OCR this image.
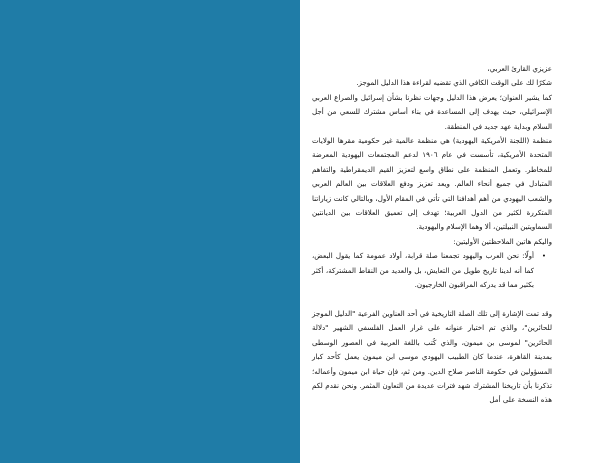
عزيزي القارئ العربي،

شكرًا لك على الوقت الكافي الذي تقضيه لقراءة هذا الدليل الموجز.

كما يشير العنوان؛ يعرض هذا الدليل وجهات نظرنا بشأن إسرائيل والصراع العربي الإسرائيلي، حيث يهدف إلى المساعدة في بناء أساس مشترك للسعي من أجل السلام وبداية عهد جديد في المنطقة.

منظمة (اللجنة الأمريكية اليهودية) هي منظمة عالمية غير حكومية مقرها الولايات المتحدة الأمريكية، تأسست في عام ١٩٠٦ لدعم المجتمعات اليهودية المعرضة للمخاطر. وتعمل المنظمة على نطاق واسع لتعزيز القيم الديمقراطية والتفاهم المتبادل في جميع أنحاء العالم. ويعد تعزيز ودفع العلاقات بين العالم العربي والشعب اليهودي من أهم أهدافنا التي تأتي في المقام الأول، وبالتالي كانت زياراتنا المتكررة لكثير من الدول العربية؛ تهدف إلى تعميق العلاقات بين الديانتين السماويتين النبيلتين، ألا وهما الإسلام واليهودية.

واليكم هاتين الملاحظتين الأوليتين:

•
أولًا: نحن العرب واليهود تجمعنا صلة قرابة، أولاد عمومة كما يقول البعض، كما أنه لدينا تاريخ طويل من التعايش، بل والعديد من النقاط المشتركة، أكثر بكثير مما قد يدركه المراقبون الخارجيون.

وقد تمت الإشارة إلى تلك الصلة التاريخية في أحد العناوين الفرعية "الدليل الموجز للحائرين"، والذي تم اختيار عنوانه على غرار العمل الفلسفي الشهير "دلالة الحائرين" لموسى بن ميمون، والذي كُتب باللغة العربية في العصور الوسطى بمدينة القاهرة، عندما كان الطبيب اليهودي موسى ابن ميمون يعمل كأحد كبار المسؤولين في حكومة الناصر صلاح الدين. ومن ثم، فإن حياة ابن ميمون وأعماله؛ تذكرنا بأن تاريخنا المشترك شهد فترات عديدة من التعاون المثمر. ونحن نقدم لكم هذه النسخة على أمل
